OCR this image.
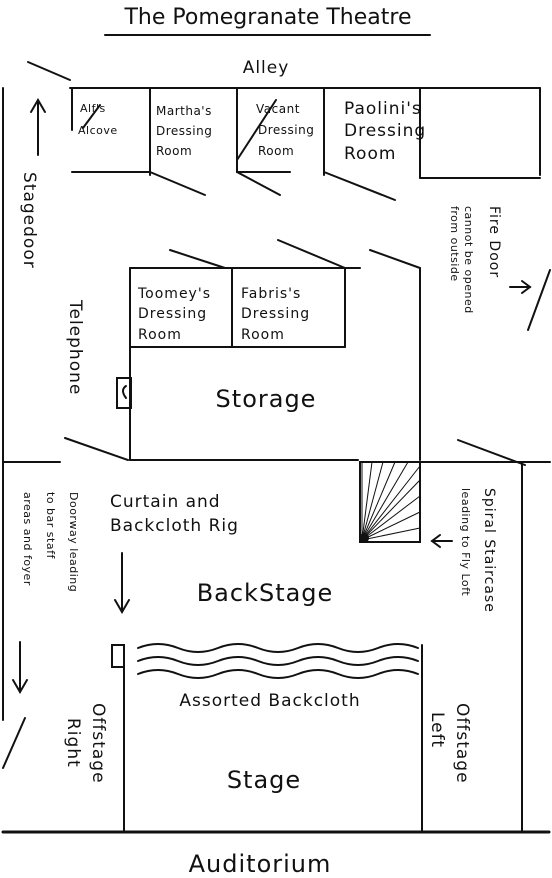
The Pomegranate Theatre
Alley
Alf's
Alcove
Martha's
Dressing
Room
Vacant
Dressing
Room
Paolini's
Dressing
Room
Stagedoor	Fire Door
cannot be opened
from outside
Toomey's
Dressing
Room
Fabris's
Dressing
Room
Storage
Telephone
Spiral Staircase
leading to Fly Loft
Curtain and
Backcloth Rig
Doorway leading
to bar staff
areas and foyer
BackStage
Assorted Backcloth
Offstage
Right	Offstage
Left
Stage
Auditorium
